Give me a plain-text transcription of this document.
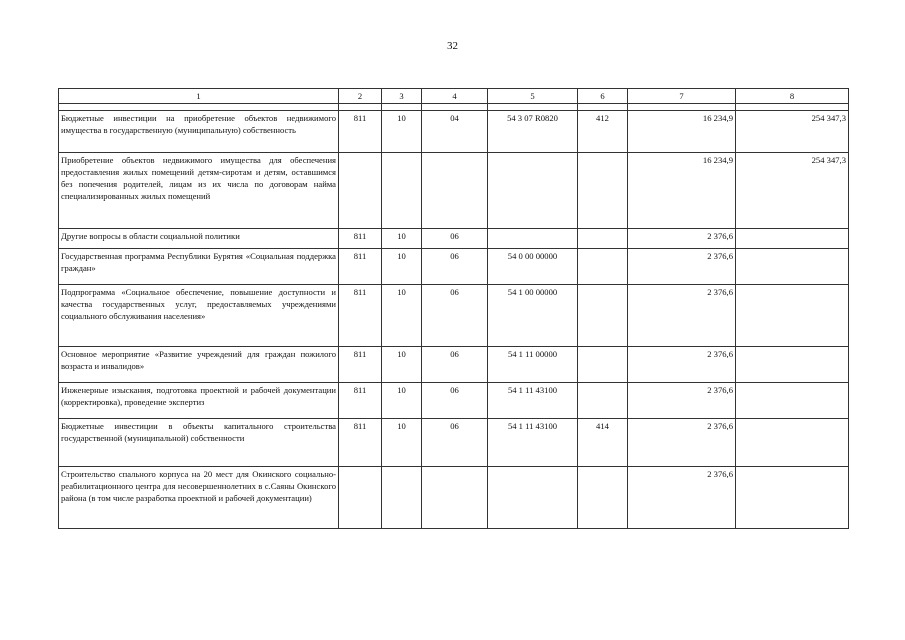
32
1	2	3	4	5	6	7	8

Бюджетные инвестиции на приобретение объектов недвижимого имущества в государственную (муниципальную) собственность	811	10	04	54 3 07 R0820	412	16 234,9	254 347,3
Приобретение объектов недвижимого имущества для обеспечения предоставления жилых помещений детям-сиротам и детям, оставшимся без попечения родителей, лицам из их числа по договорам найма специализированных жилых помещений						16 234,9	254 347,3
Другие вопросы в области социальной политики	811	10	06			2 376,6	
Государственная программа Республики Бурятия «Социальная поддержка граждан»	811	10	06	54 0 00 00000		2 376,6	
Подпрограмма «Социальное обеспечение, повышение доступности и качества государственных услуг, предоставляемых учреждениями социального обслуживания населения»	811	10	06	54 1 00 00000		2 376,6	
Основное мероприятие «Развитие учреждений для граждан пожилого возраста и инвалидов»	811	10	06	54 1 11 00000		2 376,6	
Инженерные изыскания, подготовка проектной и рабочей документации (корректировка), проведение экспертиз	811	10	06	54 1 11 43100		2 376,6	
Бюджетные инвестиции в объекты капитального строительства государственной (муниципальной) собственности	811	10	06	54 1 11 43100	414	2 376,6	
Строительство спального корпуса на 20 мест для Окинского социально-реабилитационного центра для несовершеннолетних в с.Саяны Окинского района (в том числе разработка проектной и рабочей документации)						2 376,6	
